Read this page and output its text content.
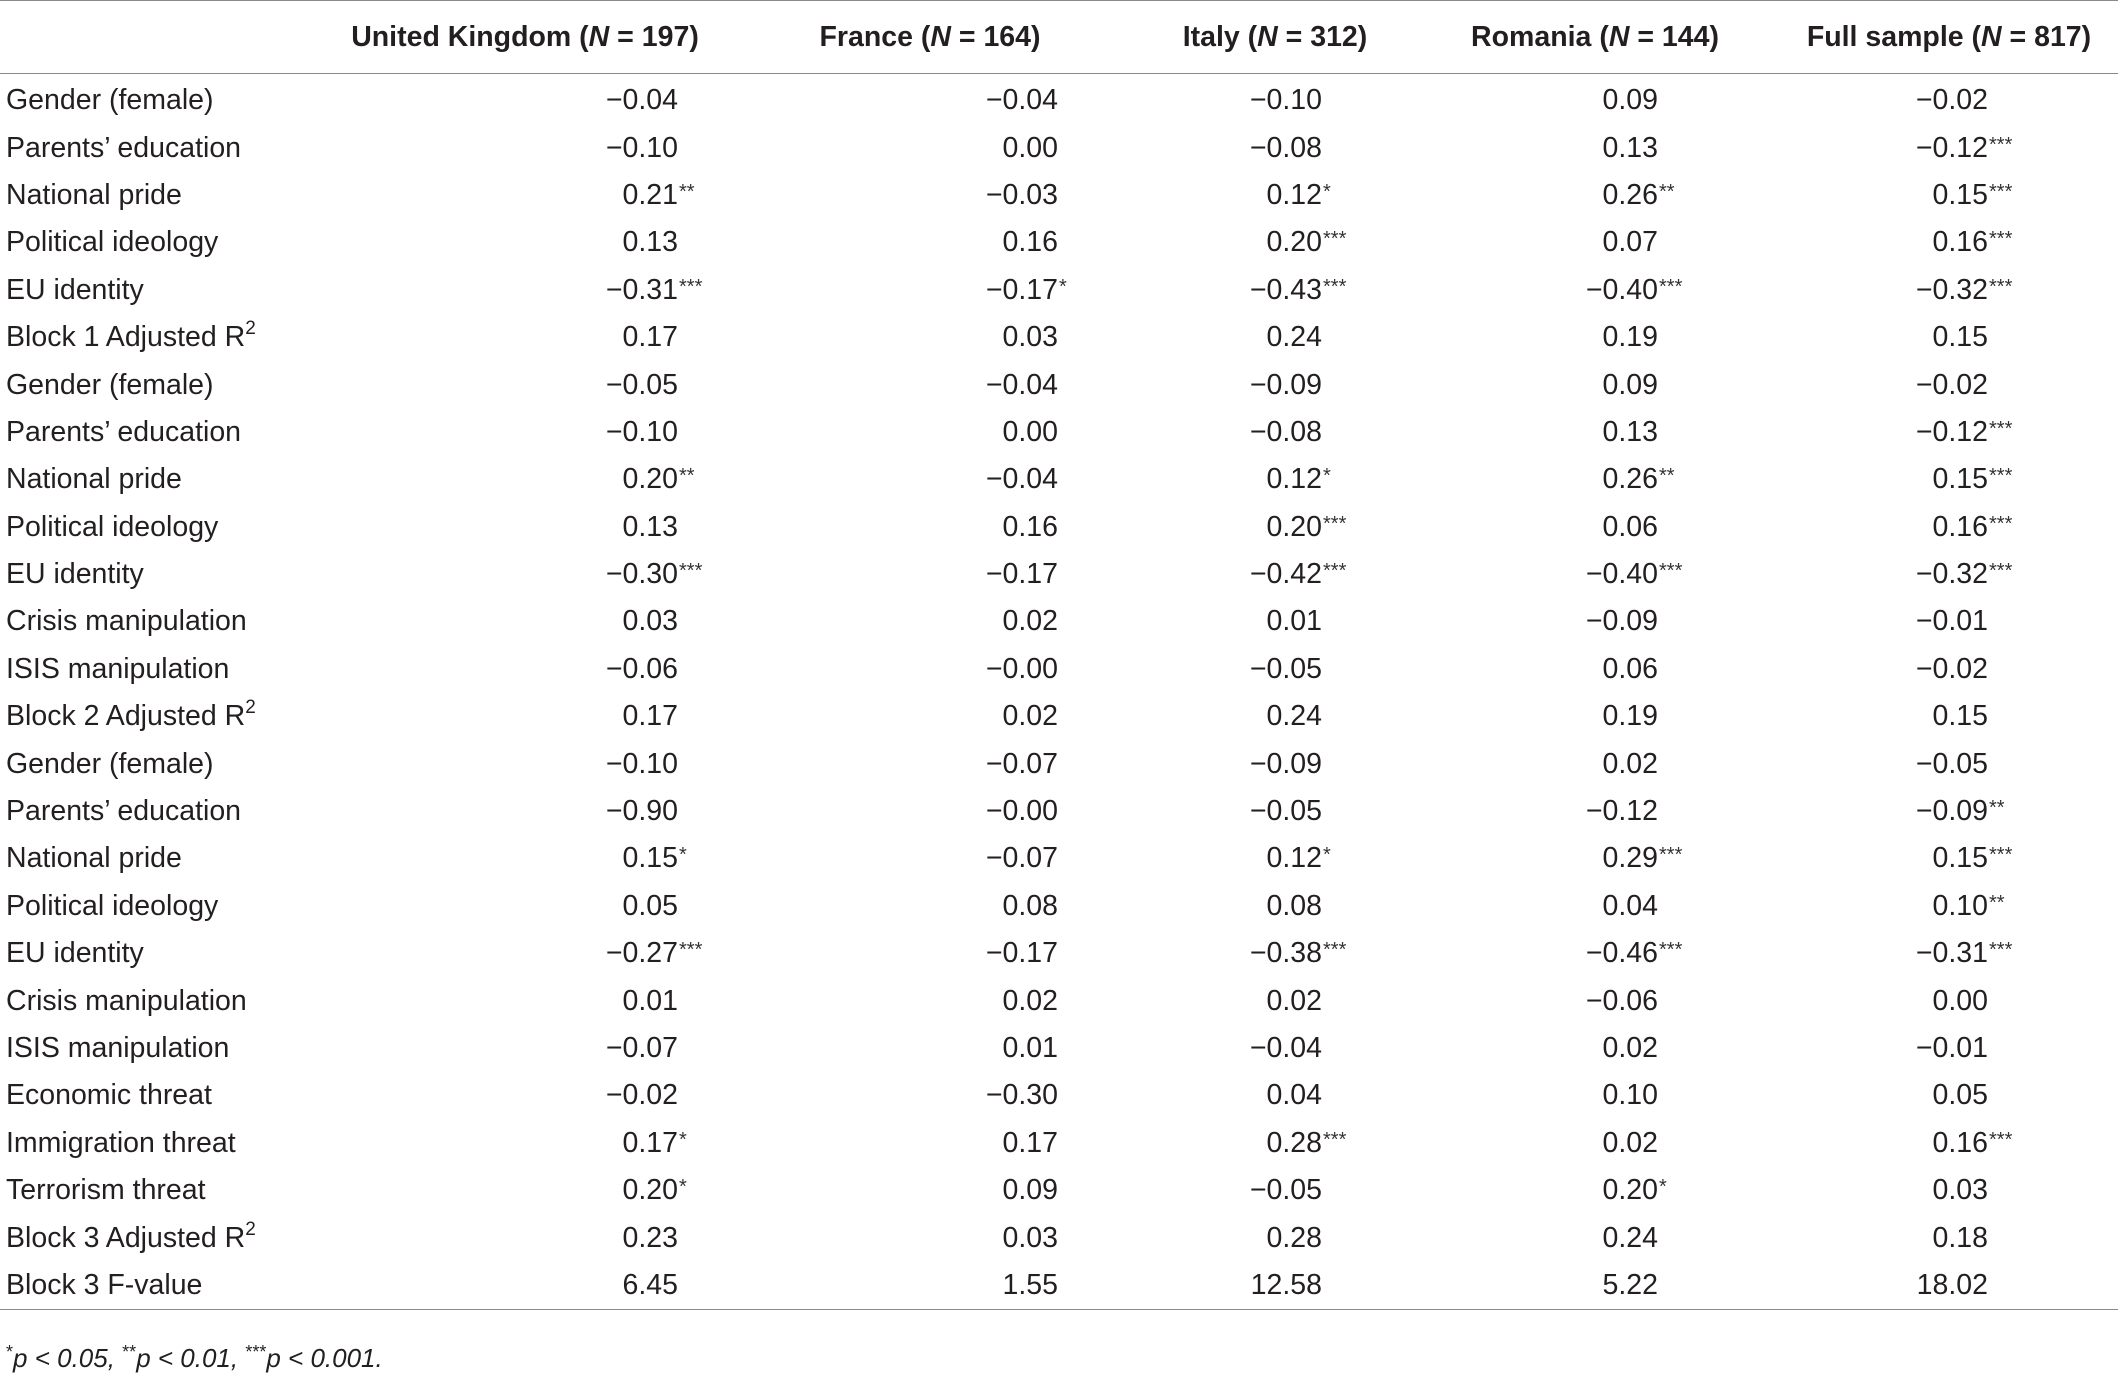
	United Kingdom (N = 197)	France (N = 164)	Italy (N = 312)	Romania (N = 144)	Full sample (N = 817)
Gender (female)	−0.04	−0.04	−0.10	0.09	−0.02
Parents’ education	−0.10	0.00	−0.08	0.13	−0.12***
National pride	0.21**	−0.03	0.12*	0.26**	0.15***
Political ideology	0.13	0.16	0.20***	0.07	0.16***
EU identity	−0.31***	−0.17*	−0.43***	−0.40***	−0.32***
Block 1 Adjusted $R^2$	0.17	0.03	0.24	0.19	0.15
Gender (female)	−0.05	−0.04	−0.09	0.09	−0.02
Parents’ education	−0.10	0.00	−0.08	0.13	−0.12***
National pride	0.20**	−0.04	0.12*	0.26**	0.15***
Political ideology	0.13	0.16	0.20***	0.06	0.16***
EU identity	−0.30***	−0.17	−0.42***	−0.40***	−0.32***
Crisis manipulation	0.03	0.02	0.01	−0.09	−0.01
ISIS manipulation	−0.06	−0.00	−0.05	0.06	−0.02
Block 2 Adjusted $R^2$	0.17	0.02	0.24	0.19	0.15
Gender (female)	−0.10	−0.07	−0.09	0.02	−0.05
Parents’ education	−0.90	−0.00	−0.05	−0.12	−0.09**
National pride	0.15*	−0.07	0.12*	0.29***	0.15***
Political ideology	0.05	0.08	0.08	0.04	0.10**
EU identity	−0.27***	−0.17	−0.38***	−0.46***	−0.31***
Crisis manipulation	0.01	0.02	0.02	−0.06	0.00
ISIS manipulation	−0.07	0.01	−0.04	0.02	−0.01
Economic threat	−0.02	−0.30	0.04	0.10	0.05
Immigration threat	0.17*	0.17	0.28***	0.02	0.16***
Terrorism threat	0.20*	0.09	−0.05	0.20*	0.03
Block 3 Adjusted $R^2$	0.23	0.03	0.28	0.24	0.18
Block 3 F-value	6.45	1.55	12.58	5.22	18.02
*p < 0.05, **p < 0.01, ***p < 0.001.
